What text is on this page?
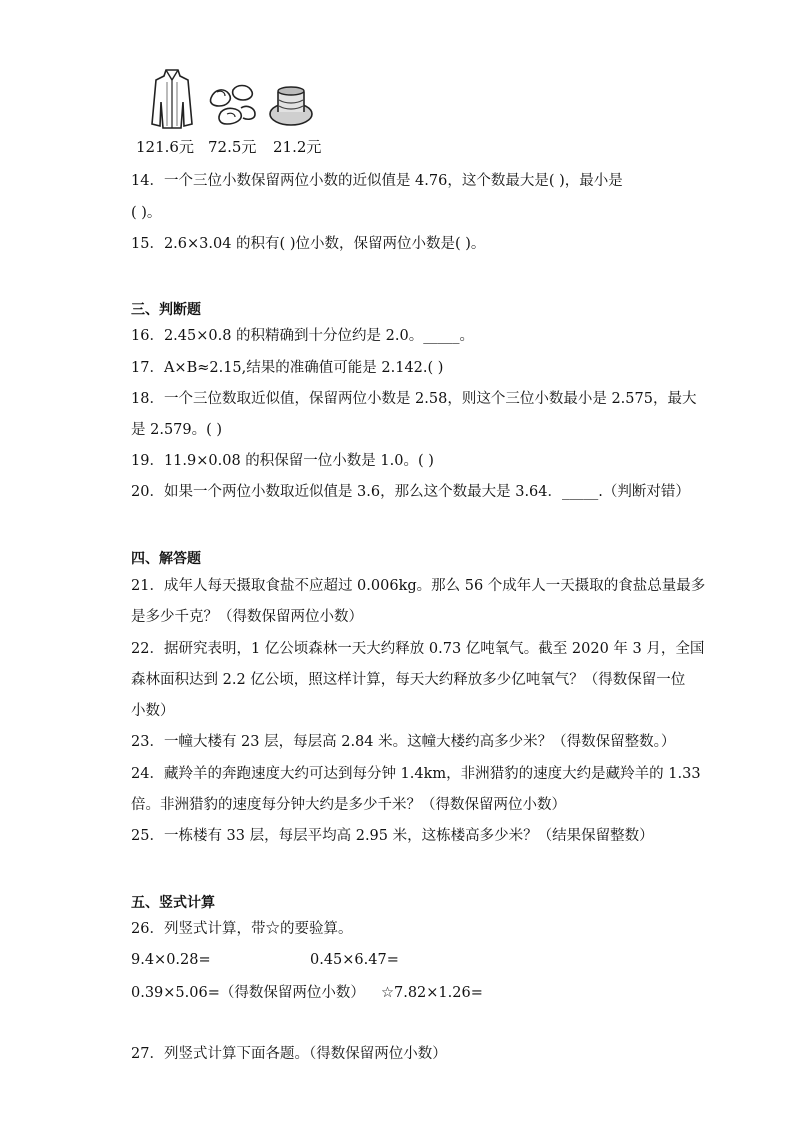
121.6元 72.5元 21.2元
14．一个三位小数保留两位小数的近似值是 4.76，这个数最大是( )，最小是
( )。
15．2.6×3.04 的积有( )位小数，保留两位小数是( )。
三、判断题
16．2.45×0.8 的积精确到十分位约是 2.0。_____。
17．A×B≈2.15,结果的准确值可能是 2.142.( )
18．一个三位数取近似值，保留两位小数是 2.58，则这个三位小数最小是 2.575，最大
是 2.579。( )
19．11.9×0.08 的积保留一位小数是 1.0。( )
20．如果一个两位小数取近似值是 3.6，那么这个数最大是 3.64．_____.（判断对错）
四、解答题
21．成年人每天摄取食盐不应超过 0.006kg。那么 56 个成年人一天摄取的食盐总量最多
是多少千克？（得数保留两位小数）
22．据研究表明，1 亿公顷森林一天大约释放 0.73 亿吨氧气。截至 2020 年 3 月，全国
森林面积达到 2.2 亿公顷，照这样计算，每天大约释放多少亿吨氧气？（得数保留一位
小数）
23．一幢大楼有 23 层，每层高 2.84 米。这幢大楼约高多少米？（得数保留整数。）
24．藏羚羊的奔跑速度大约可达到每分钟 1.4km，非洲猎豹的速度大约是藏羚羊的 1.33
倍。非洲猎豹的速度每分钟大约是多少千米？（得数保留两位小数）
25．一栋楼有 33 层，每层平均高 2.95 米，这栋楼高多少米？（结果保留整数）
五、竖式计算
26．列竖式计算，带☆的要验算。
9.4×0.28=	0.45×6.47=
0.39×5.06=（得数保留两位小数） ☆7.82×1.26=
27．列竖式计算下面各题。（得数保留两位小数）
